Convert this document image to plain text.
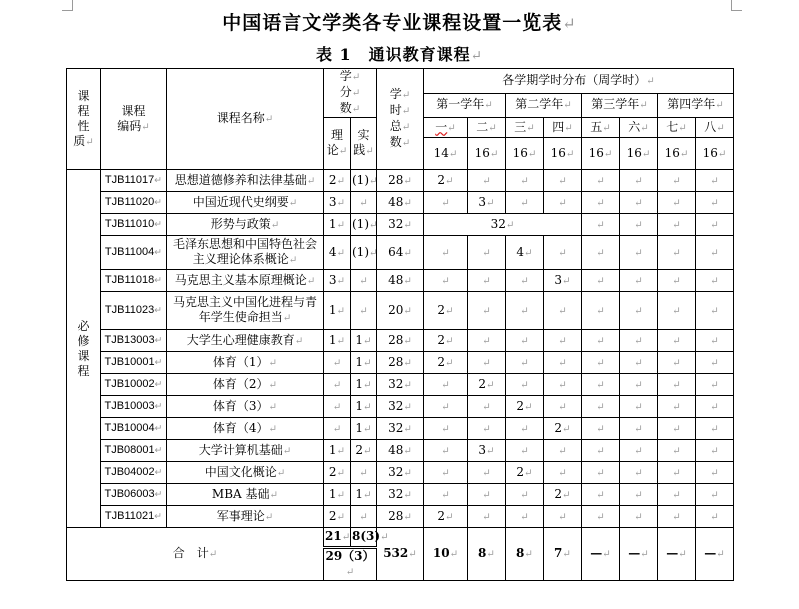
中国语言文学类各专业课程设置一览表 ↵
表 1　通识教育课程 ↵
课
程
性
质 ↵	课程
编码 ↵	课程名称 ↵	学 ↵
分 ↵
数 ↵		学 ↵
时 ↵
总 ↵
数 ↵	各学期学时分布（周学时） ↵
						第一学年 ↵		第二学年 ↵		第三学年 ↵		第四学年 ↵
			理
论 ↵	实
践 ↵		一 ↵	二 ↵	三 ↵	四 ↵	五 ↵	六 ↵	七 ↵	八 ↵
						14 ↵	16 ↵	16 ↵	16 ↵	16 ↵	16 ↵	16 ↵	16 ↵
必
修
课
程	TJB11017 ↵	思想道德修养和法律基础 ↵	2 ↵	(1) ↵	28 ↵	2 ↵	↵	↵	↵	↵	↵	↵	↵
	TJB11020 ↵	中国近现代史纲要 ↵	3 ↵	↵	48 ↵	↵	3 ↵	↵	↵	↵	↵	↵	↵
	TJB11010 ↵	形势与政策 ↵	1 ↵	(1) ↵	32 ↵	32 ↵	↵	↵	↵	↵
	TJB11004 ↵	毛泽东思想和中国特色社会主义理论体系概论 ↵	4 ↵	(1) ↵	64 ↵	↵	↵	4 ↵	↵	↵	↵	↵	↵
	TJB11018 ↵	马克思主义基本原理概论 ↵	3 ↵	↵	48 ↵	↵	↵	↵	3 ↵	↵	↵	↵	↵
	TJB11023 ↵	马克思主义中国化进程与青年学生使命担当 ↵	1 ↵	↵	20 ↵	2 ↵	↵	↵	↵	↵	↵	↵	↵
	TJB13003 ↵	大学生心理健康教育 ↵	1 ↵	1 ↵	28 ↵	2 ↵	↵	↵	↵	↵	↵	↵	↵
	TJB10001 ↵	体育（1） ↵	↵	1 ↵	28 ↵	2 ↵	↵	↵	↵	↵	↵	↵	↵
	TJB10002 ↵	体育（2） ↵	↵	1 ↵	32 ↵	↵	2 ↵	↵	↵	↵	↵	↵	↵
	TJB10003 ↵	体育（3） ↵	↵	1 ↵	32 ↵	↵	↵	2 ↵	↵	↵	↵	↵	↵
	TJB10004 ↵	体育（4） ↵	↵	1 ↵	32 ↵	↵	↵	↵	2 ↵	↵	↵	↵	↵
	TJB08001 ↵	大学计算机基础 ↵	1 ↵	2 ↵	48 ↵	↵	3 ↵	↵	↵	↵	↵	↵	↵
	TJB04002 ↵	中国文化概论 ↵	2 ↵	↵	32 ↵	↵	↵	2 ↵	↵	↵	↵	↵	↵
	TJB06003 ↵	MBA 基础 ↵	1 ↵	1 ↵	32 ↵	↵	↵	↵	2 ↵	↵	↵	↵	↵
	TJB11021 ↵	军事理论 ↵	2 ↵	↵	28 ↵	2 ↵	↵	↵	↵	↵	↵	↵	↵
合　计 ↵			21 ↵	8(3) ↵	532 ↵	10 ↵	8 ↵	8 ↵	7 ↵	— ↵	— ↵	— ↵	— ↵
			29（3） ↵
